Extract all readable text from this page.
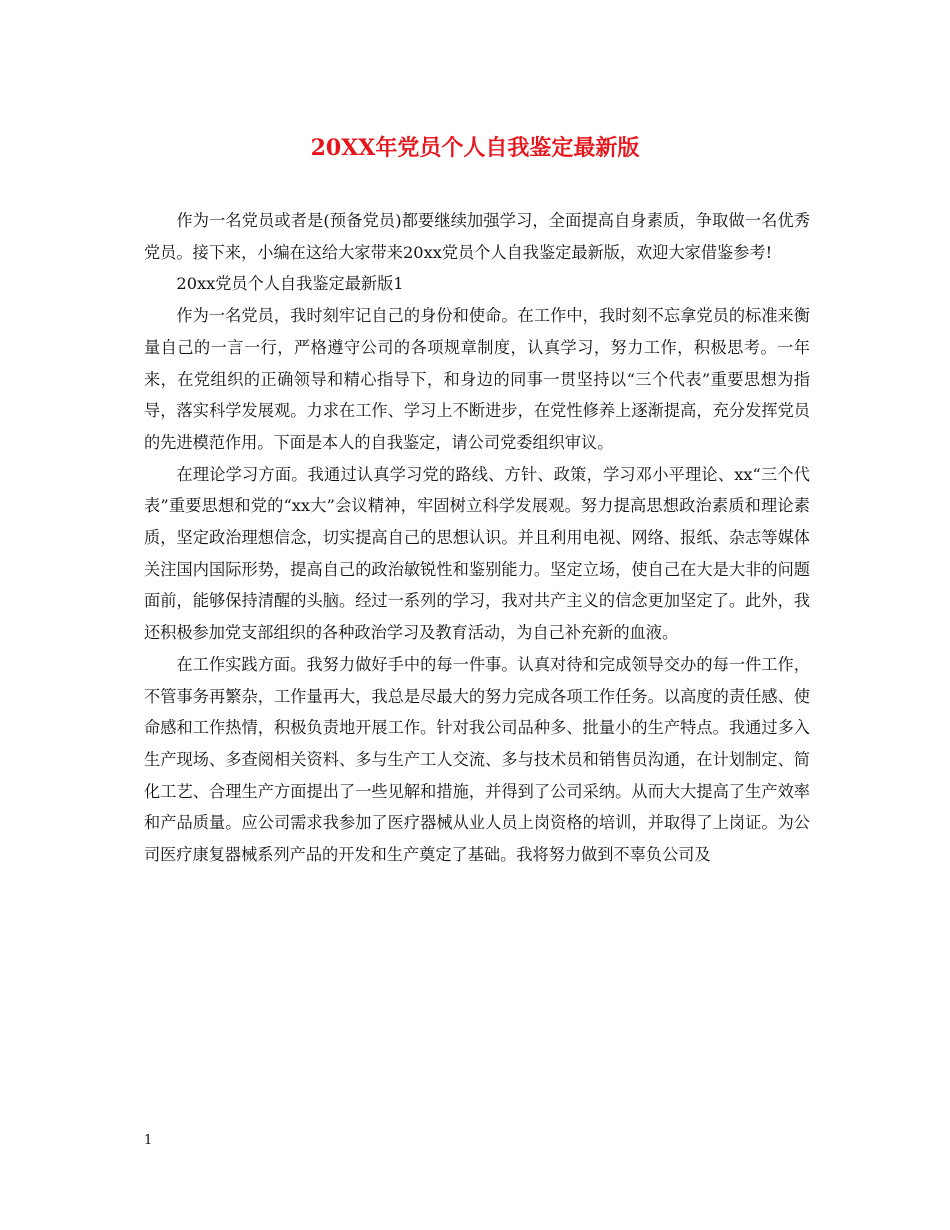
20XX年党员个人自我鉴定最新版

作为一名党员或者是(预备党员)都要继续加强学习，全面提高自身素质，争取做一名优秀党员。接下来，小编在这给大家带来20xx党员个人自我鉴定最新版，欢迎大家借鉴参考!

20xx党员个人自我鉴定最新版1

作为一名党员，我时刻牢记自己的身份和使命。在工作中，我时刻不忘拿党员的标准来衡量自己的一言一行，严格遵守公司的各项规章制度，认真学习，努力工作，积极思考。一年来，在党组织的正确领导和精心指导下，和身边的同事一贯坚持以“三个代表”重要思想为指导，落实科学发展观。力求在工作、学习上不断进步，在党性修养上逐渐提高，充分发挥党员的先进模范作用。下面是本人的自我鉴定，请公司党委组织审议。

在理论学习方面。我通过认真学习党的路线、方针、政策，学习邓小平理论、xx“三个代表”重要思想和党的“xx大”会议精神，牢固树立科学发展观。努力提高思想政治素质和理论素质，坚定政治理想信念，切实提高自己的思想认识。并且利用电视、网络、报纸、杂志等媒体关注国内国际形势，提高自己的政治敏锐性和鉴别能力。坚定立场，使自己在大是大非的问题面前，能够保持清醒的头脑。经过一系列的学习，我对共产主义的信念更加坚定了。此外，我还积极参加党支部组织的各种政治学习及教育活动，为自己补充新的血液。

在工作实践方面。我努力做好手中的每一件事。认真对待和完成领导交办的每一件工作，不管事务再繁杂，工作量再大，我总是尽最大的努力完成各项工作任务。以高度的责任感、使命感和工作热情，积极负责地开展工作。针对我公司品种多、批量小的生产特点。我通过多入生产现场、多查阅相关资料、多与生产工人交流、多与技术员和销售员沟通，在计划制定、简化工艺、合理生产方面提出了一些见解和措施，并得到了公司采纳。从而大大提高了生产效率和产品质量。应公司需求我参加了医疗器械从业人员上岗资格的培训，并取得了上岗证。为公司医疗康复器械系列产品的开发和生产奠定了基础。我将努力做到不辜负公司及

1
